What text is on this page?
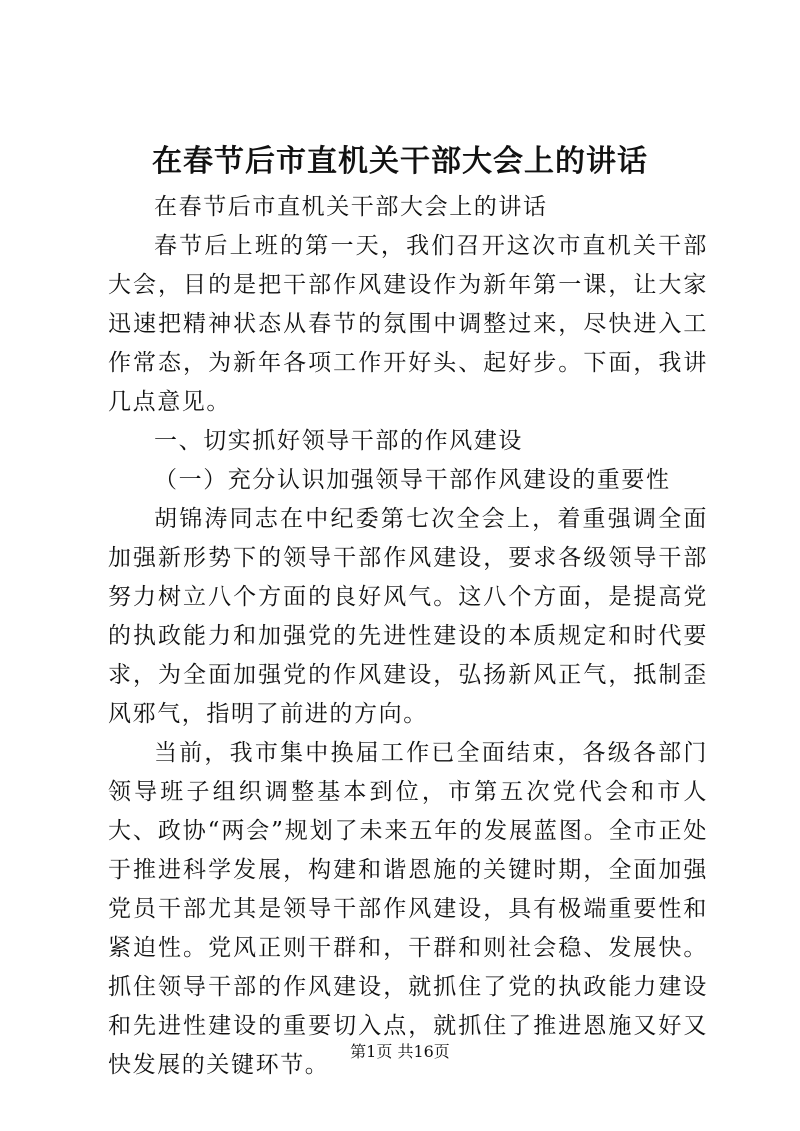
在春节后市直机关干部大会上的讲话

在春节后市直机关干部大会上的讲话

春节后上班的第一天，我们召开这次市直机关干部大会，目的是把干部作风建设作为新年第一课，让大家迅速把精神状态从春节的氛围中调整过来，尽快进入工作常态，为新年各项工作开好头、起好步。下面，我讲几点意见。

一、切实抓好领导干部的作风建设

（一）充分认识加强领导干部作风建设的重要性

胡锦涛同志在中纪委第七次全会上，着重强调全面加强新形势下的领导干部作风建设，要求各级领导干部努力树立八个方面的良好风气。这八个方面，是提高党的执政能力和加强党的先进性建设的本质规定和时代要求，为全面加强党的作风建设，弘扬新风正气，抵制歪风邪气，指明了前进的方向。

当前，我市集中换届工作已全面结束，各级各部门领导班子组织调整基本到位，市第五次党代会和市人大、政协“两会”规划了未来五年的发展蓝图。全市正处于推进科学发展，构建和谐恩施的关键时期，全面加强党员干部尤其是领导干部作风建设，具有极端重要性和紧迫性。党风正则干群和，干群和则社会稳、发展快。抓住领导干部的作风建设，就抓住了党的执政能力建设和先进性建设的重要切入点，就抓住了推进恩施又好又快发展的关键环节。

第1页 共16页
